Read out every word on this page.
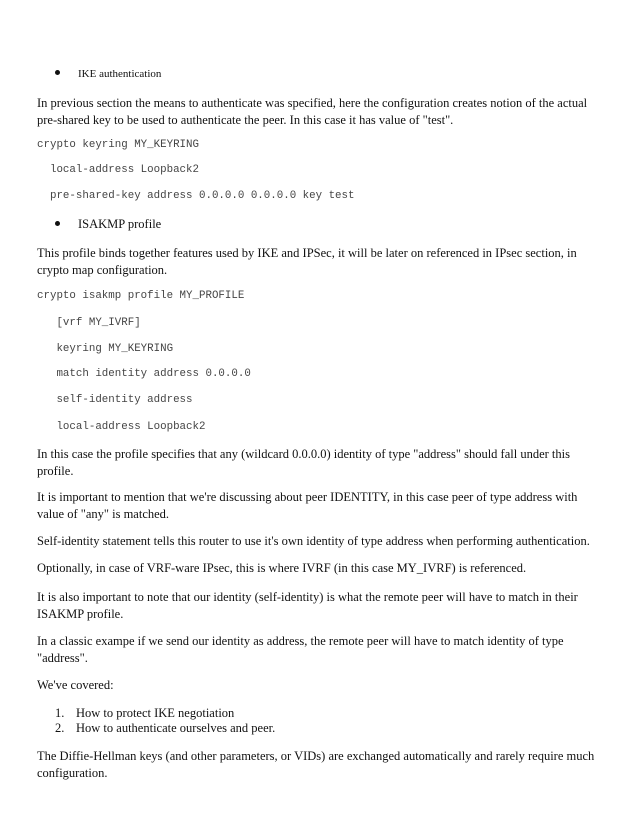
IKE authentication

In previous section the means to authenticate was specified, here the configuration creates notion of the actual pre-shared key to be used to authenticate the peer. In this case it has value of "test".

crypto keyring MY_KEYRING
local-address Loopback2
pre-shared-key address 0.0.0.0 0.0.0.0 key test
ISAKMP profile

This profile binds together features used by IKE and IPSec, it will be later on referenced in IPsec section, in crypto map configuration.

crypto isakmp profile MY_PROFILE
[vrf MY_IVRF]
keyring MY_KEYRING
match identity address 0.0.0.0
self-identity address
local-address Loopback2

In this case the profile specifies that any (wildcard 0.0.0.0) identity of type "address" should fall under this profile.

It is important to mention that we're discussing about peer IDENTITY, in this case peer of type address with value of "any" is matched.

Self-identity statement tells this router to use it's own identity of type address when performing authentication.

Optionally, in case of VRF-ware IPsec, this is where IVRF (in this case MY_IVRF) is referenced.

It is also important to note that our identity (self-identity) is what the remote peer will have to match in their ISAKMP profile.

In a classic exampe if we send our identity as address, the remote peer will have to match identity of type "address".

We've covered:

1. How to protect IKE negotiation
2. How to authenticate ourselves and peer.

The Diffie-Hellman keys (and other parameters, or VIDs) are exchanged automatically and rarely require much configuration.
